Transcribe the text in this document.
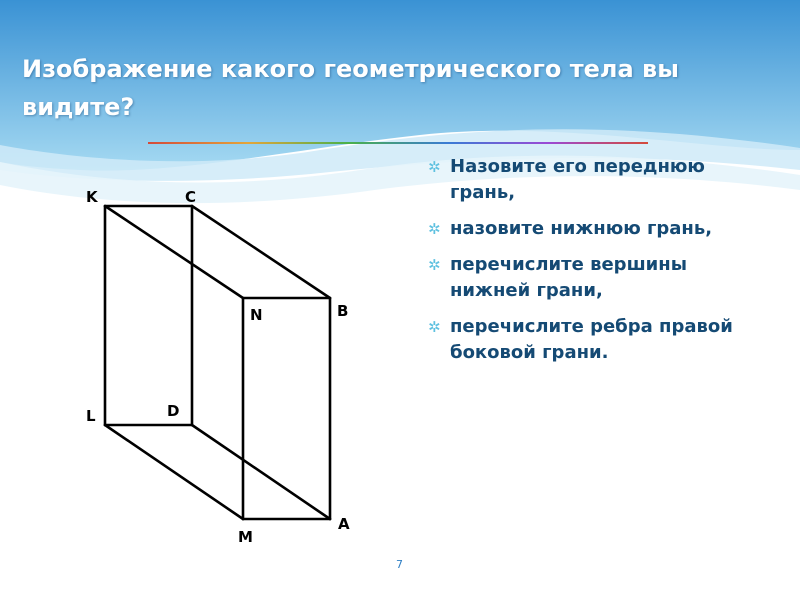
Изображение какого геометрического тела вы видите?
✲ Назовите его переднюю грань,
✲ назовите нижнюю грань,
✲ перечислите вершины нижней грани,
✲ перечислите ребра правой боковой грани.
K	C
N	B
L	D
M
A
7
